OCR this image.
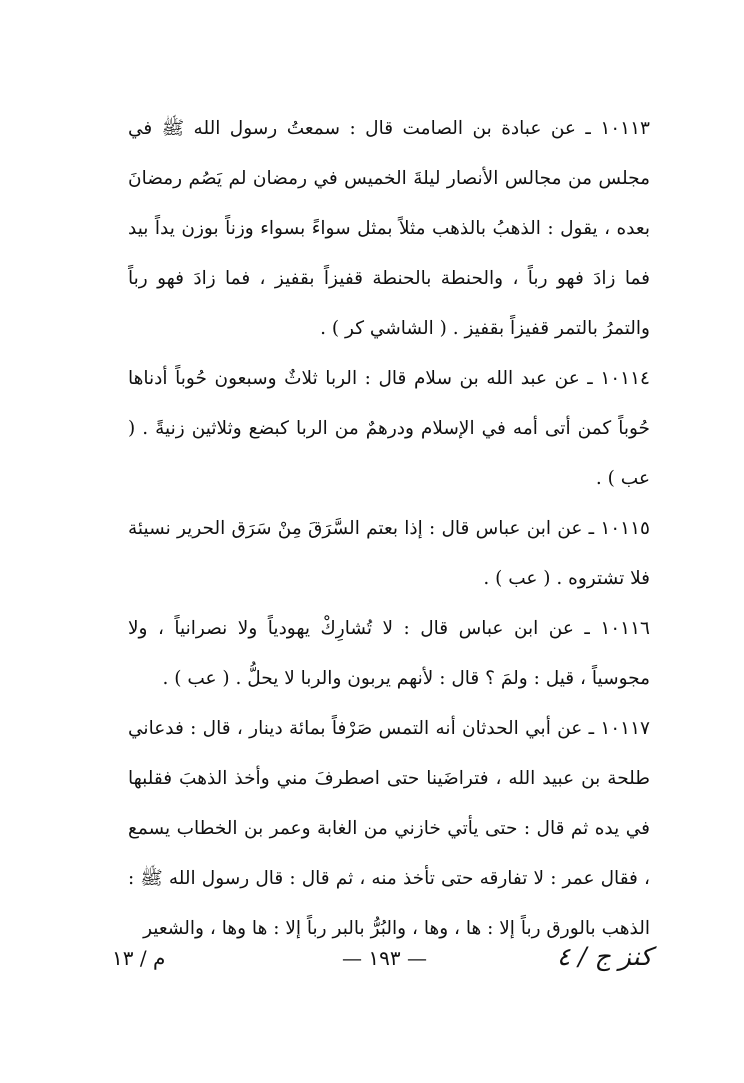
١٠١١٣ ـ عن عبادة بن الصامت قال : سمعتُ رسول الله ﷺ في مجلس من مجالس الأنصار ليلةَ الخميس في رمضان لم يَصُم رمضانَ بعده ، يقول : الذهبُ بالذهب مثلاً بمثل سواءً بسواء وزناً بوزن يداً بيد فما زادَ فهو رباً ، والحنطة بالحنطة قفيزاً بقفيز ، فما زادَ فهو رباً والتمرُ بالتمر قفيزاً بقفيز . ( الشاشي كر ) .

١٠١١٤ ـ عن عبد الله بن سلام قال : الربا ثلاثٌ وسبعون حُوباً أدناها حُوباً كمن أتى أمه في الإسلام ودرهمٌ من الربا كبضع وثلاثين زنيةً . ( عب ) .

١٠١١٥ ـ عن ابن عباس قال : إذا بعتم السَّرَقَ مِنْ سَرَق الحرير نسيئة فلا تشتروه . ( عب ) .

١٠١١٦ ـ عن ابن عباس قال : لا تُشارِكْ يهودياً ولا نصرانياً ، ولا مجوسياً ، قيل : ولمَ ؟ قال : لأنهم يربون والربا لا يحلُّ . ( عب ) .

١٠١١٧ ـ عن أبي الحدثان أنه التمس صَرْفاً بمائة دينار ، قال : فدعاني طلحة بن عبيد الله ، فتراضَينا حتى اصطرفَ مني وأخذ الذهبَ فقلبها في يده ثم قال : حتى يأتي خازني من الغابة وعمر بن الخطاب يسمع ، فقال عمر : لا تفارقه حتى تأخذ منه ، ثم قال : قال رسول الله ﷺ : الذهب بالورق رباً إلا : ها ، وها ، والبُرُّ بالبر رباً إلا : ها وها ، والشعير

م / ١٣	— ١٩٣ —	كنز ج / ٤
